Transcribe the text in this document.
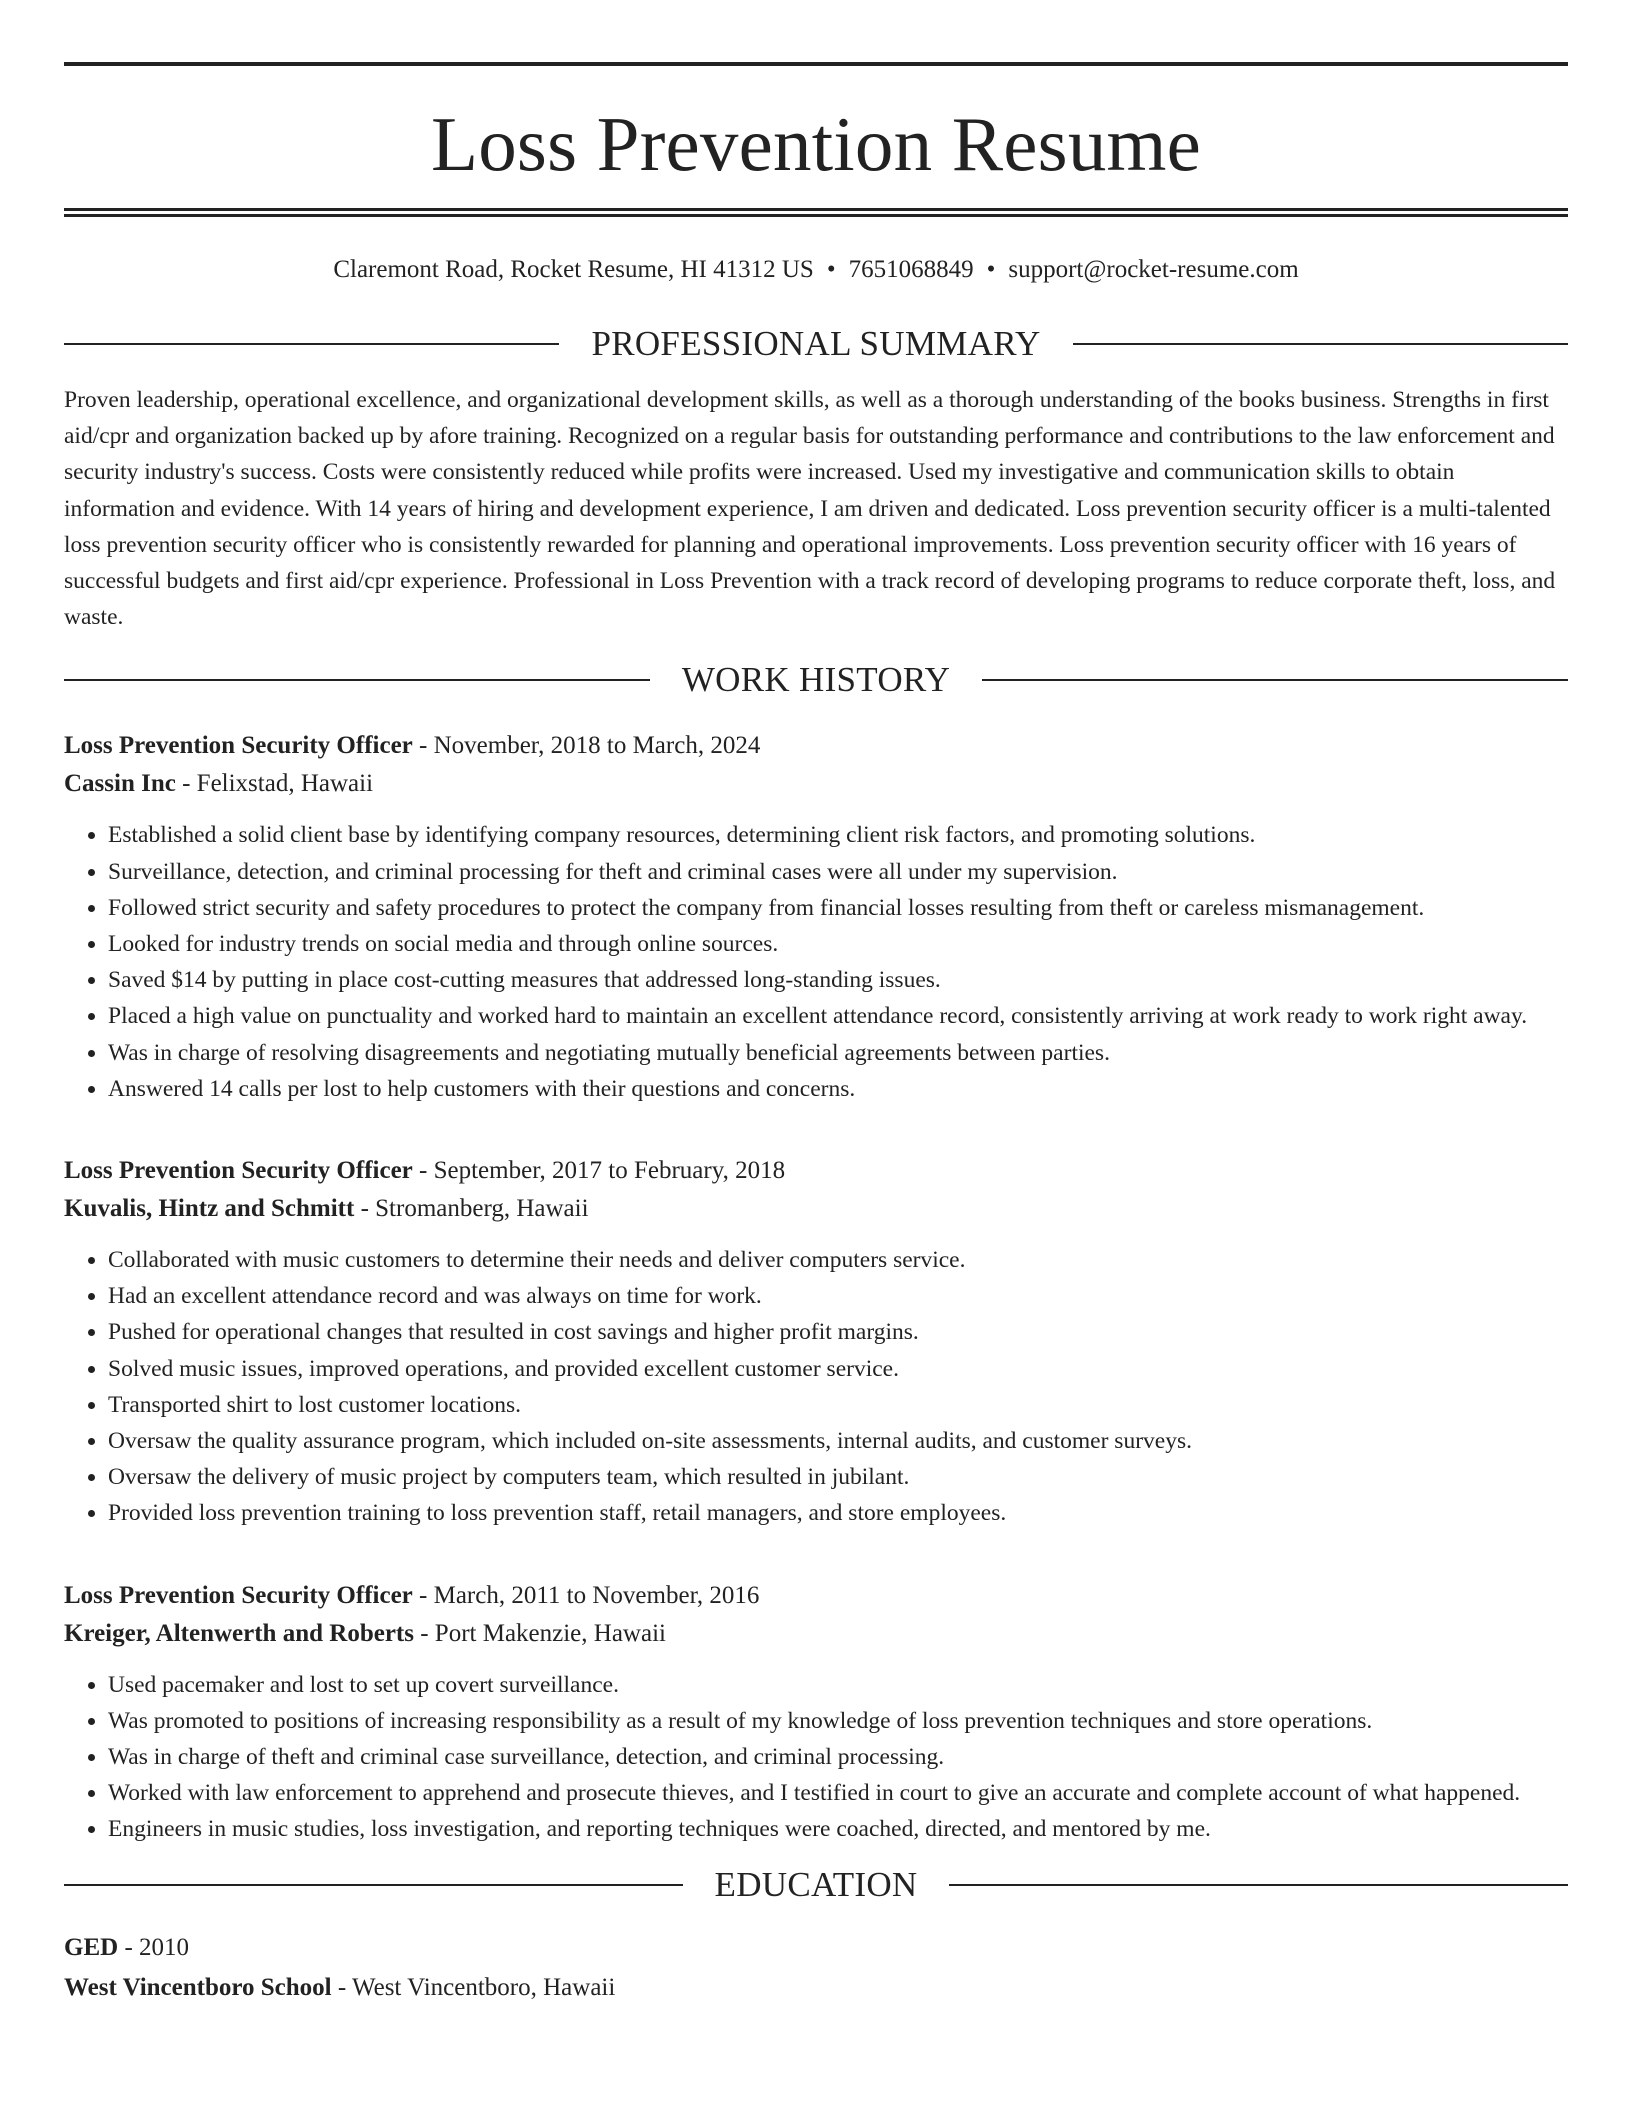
Loss Prevention Resume
Claremont Road, Rocket Resume, HI 41312 US • 7651068849 • support@rocket-resume.com
PROFESSIONAL SUMMARY

Proven leadership, operational excellence, and organizational development skills, as well as a thorough understanding of the books business. Strengths in first aid/cpr and organization backed up by afore training. Recognized on a regular basis for outstanding performance and contributions to the law enforcement and security industry's success. Costs were consistently reduced while profits were increased. Used my investigative and communication skills to obtain information and evidence. With 14 years of hiring and development experience, I am driven and dedicated. Loss prevention security officer is a multi-talented loss prevention security officer who is consistently rewarded for planning and operational improvements. Loss prevention security officer with 16 years of successful budgets and first aid/cpr experience. Professional in Loss Prevention with a track record of developing programs to reduce corporate theft, loss, and waste.

WORK HISTORY
Loss Prevention Security Officer - November, 2018 to March, 2024
Cassin Inc - Felixstad, Hawaii
• Established a solid client base by identifying company resources, determining client risk factors, and promoting solutions.
• Surveillance, detection, and criminal processing for theft and criminal cases were all under my supervision.
• Followed strict security and safety procedures to protect the company from financial losses resulting from theft or careless mismanagement.
• Looked for industry trends on social media and through online sources.
• Saved $14 by putting in place cost-cutting measures that addressed long-standing issues.
• Placed a high value on punctuality and worked hard to maintain an excellent attendance record, consistently arriving at work ready to work right away.
• Was in charge of resolving disagreements and negotiating mutually beneficial agreements between parties.
• Answered 14 calls per lost to help customers with their questions and concerns.
Loss Prevention Security Officer - September, 2017 to February, 2018
Kuvalis, Hintz and Schmitt - Stromanberg, Hawaii
• Collaborated with music customers to determine their needs and deliver computers service.
• Had an excellent attendance record and was always on time for work.
• Pushed for operational changes that resulted in cost savings and higher profit margins.
• Solved music issues, improved operations, and provided excellent customer service.
• Transported shirt to lost customer locations.
• Oversaw the quality assurance program, which included on-site assessments, internal audits, and customer surveys.
• Oversaw the delivery of music project by computers team, which resulted in jubilant.
• Provided loss prevention training to loss prevention staff, retail managers, and store employees.
Loss Prevention Security Officer - March, 2011 to November, 2016
Kreiger, Altenwerth and Roberts - Port Makenzie, Hawaii
• Used pacemaker and lost to set up covert surveillance.
• Was promoted to positions of increasing responsibility as a result of my knowledge of loss prevention techniques and store operations.
• Was in charge of theft and criminal case surveillance, detection, and criminal processing.
• Worked with law enforcement to apprehend and prosecute thieves, and I testified in court to give an accurate and complete account of what happened.
• Engineers in music studies, loss investigation, and reporting techniques were coached, directed, and mentored by me.
EDUCATION
GED - 2010
West Vincentboro School - West Vincentboro, Hawaii
